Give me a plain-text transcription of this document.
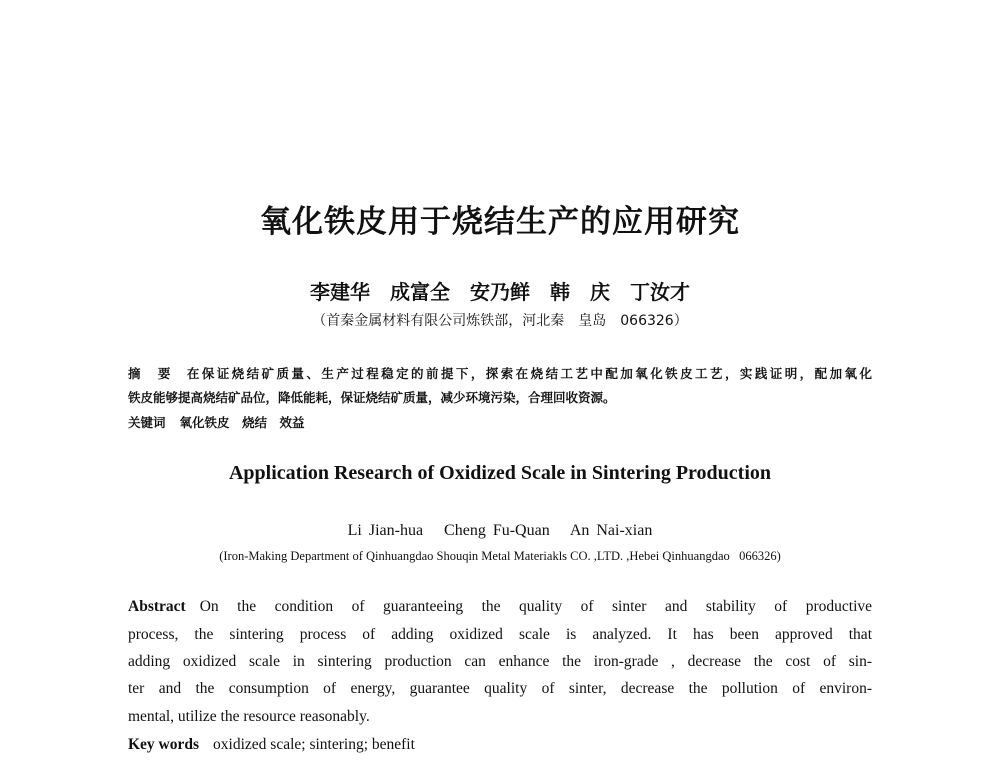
氧化铁皮用于烧结生产的应用研究
李建华　成富全　安乃鲜　韩　庆　丁汝才
（首秦金属材料有限公司炼铁部，河北秦　皇岛　066326）
摘　要 在保证烧结矿质量、生产过程稳定的前提下，探索在烧结工艺中配加氧化铁皮工艺，实践证明，配加氧化
铁皮能够提高烧结矿品位，降低能耗，保证烧结矿质量，减少环境污染，合理回收资源。
关键词 氧化铁皮　烧结　效益
Application Research of Oxidized Scale in Sintering Production
Li Jian-hua   Cheng Fu-Quan   An Nai-xian
(Iron-Making Department of Qinhuangdao Shouqin Metal Materiakls CO. ,LTD. ,Hebei Qinhuangdao   066326)
Abstract On the condition of guaranteeing the quality of sinter and stability of productive
process, the sintering process of adding oxidized scale is analyzed. It has been approved that
adding oxidized scale in sintering production can enhance the iron-grade , decrease the cost of sin-
ter and the consumption of energy, guarantee quality of sinter, decrease the pollution of environ-
mental, utilize the resource reasonably.
Key words oxidized scale; sintering; benefit
